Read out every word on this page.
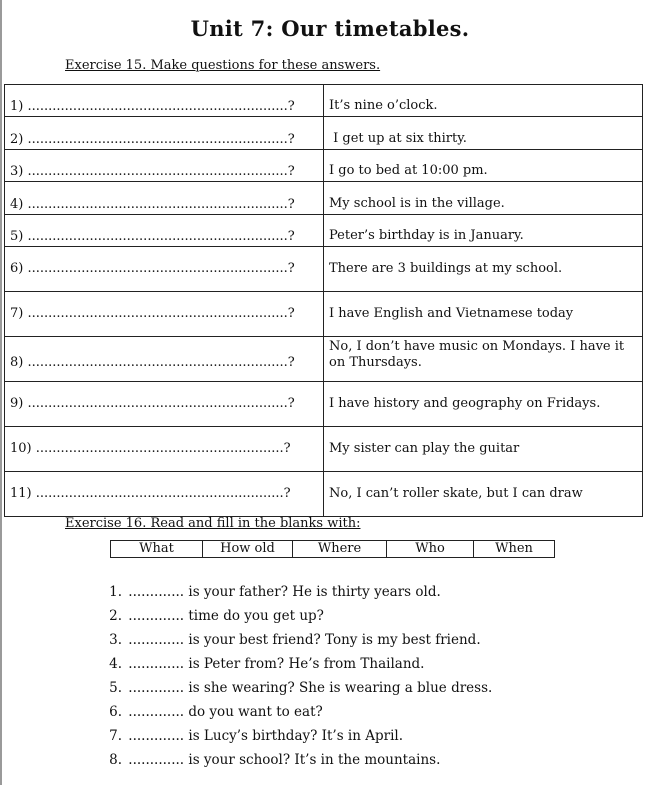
Unit 7: Our timetables.
Exercise 15. Make questions for these answers.
1) ...............................................................?	It’s nine o’clock.
2) ...............................................................?	I get up at six thirty.
3) ...............................................................?	I go to bed at 10:00 pm.
4) ...............................................................?	My school is in the village.
5) ...............................................................?	Peter’s birthday is in January.
6) ...............................................................?	There are 3 buildings at my school.
7) ...............................................................?	I have English and Vietnamese today
8) ...............................................................?	No, I don’t have music on Mondays. I have it on Thursdays.
9) ...............................................................?	I have history and geography on Fridays.
10) ............................................................?	My sister can play the guitar
11) ............................................................?	No, I can’t roller skate, but I can draw
Exercise 16. Read and fill in the blanks with:
What	How old	Where	Who	When
1. ............. is your father? He is thirty years old.
2. ............. time do you get up?
3. ............. is your best friend? Tony is my best friend.
4. ............. is Peter from? He’s from Thailand.
5. ............. is she wearing? She is wearing a blue dress.
6. ............. do you want to eat?
7. ............. is Lucy’s birthday? It’s in April.
8. ............. is your school? It’s in the mountains.
